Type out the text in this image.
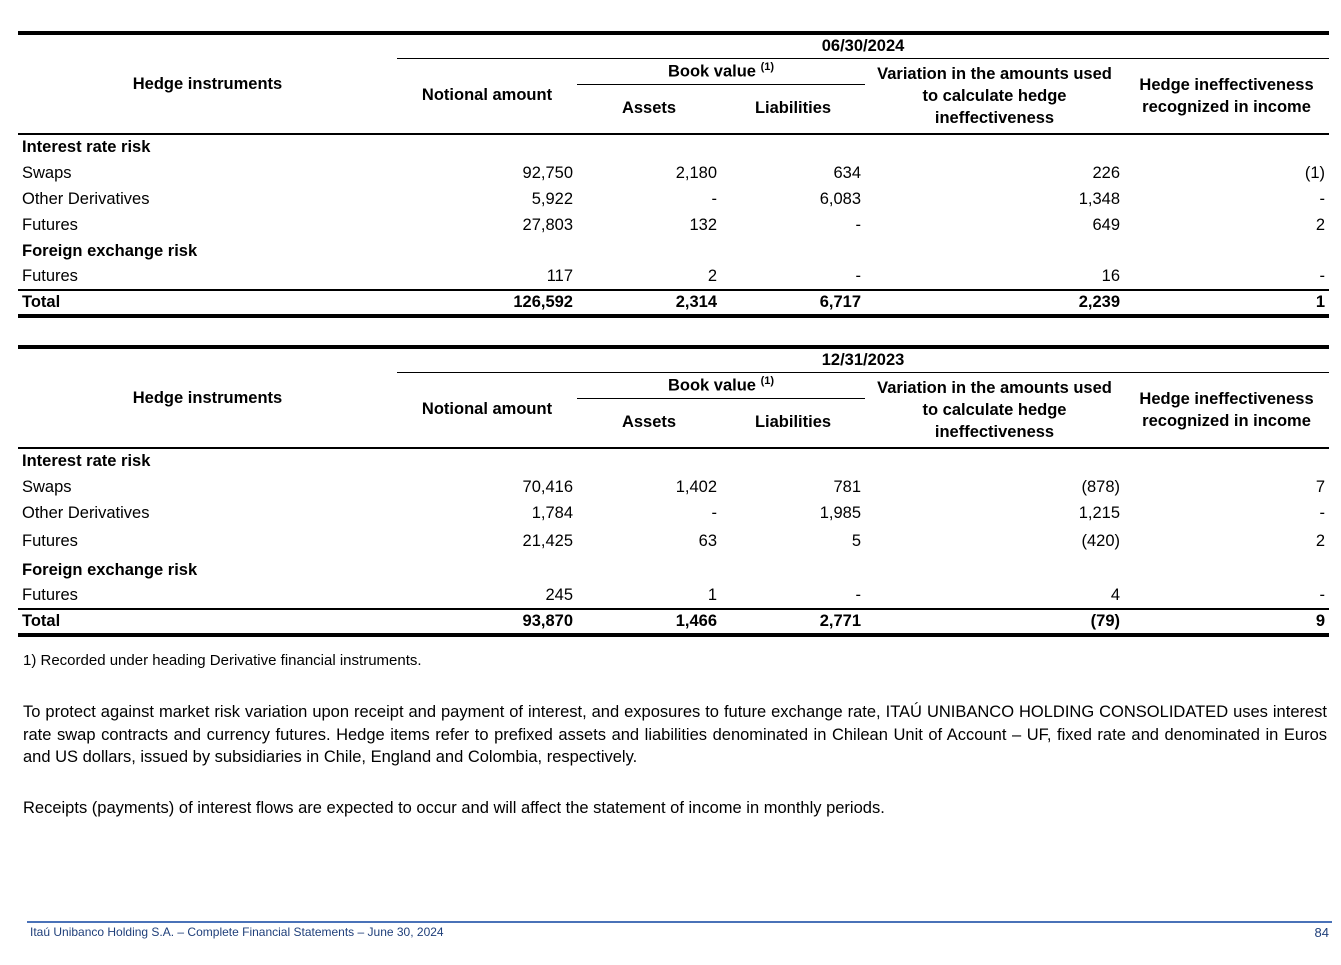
Hedge instruments	06/30/2024				
	Notional amount	Book value $^{(1)}$		Variation in the amounts used to calculate hedge ineffectiveness	Hedge ineffectiveness recognized in income
		Assets	Liabilities		
Interest rate risk					
Swaps	92,750	2,180	634	226	(1)
Other Derivatives	5,922	-	6,083	1,348	-
Futures	27,803	132	-	649	2
Foreign exchange risk					
Futures	117	2	-	16	-
Total	126,592	2,314	6,717	2,239	1
Hedge instruments	12/31/2023				
	Notional amount	Book value $^{(1)}$		Variation in the amounts used to calculate hedge ineffectiveness	Hedge ineffectiveness recognized in income
		Assets	Liabilities		
Interest rate risk					
Swaps	70,416	1,402	781	(878)	7
Other Derivatives	1,784	-	1,985	1,215	-
Futures	21,425	63	5	(420)	2
Foreign exchange risk					
Futures	245	1	-	4	-
Total	93,870	1,466	2,771	(79)	9
1) Recorded under heading Derivative financial instruments.
To protect against market risk variation upon receipt and payment of interest, and exposures to future exchange rate, ITAÚ UNIBANCO HOLDING CONSOLIDATED uses interest rate swap contracts and currency futures. Hedge items refer to prefixed assets and liabilities denominated in Chilean Unit of Account – UF, fixed rate and denominated in Euros and US dollars, issued by subsidiaries in Chile, England and Colombia, respectively.
Receipts (payments) of interest flows are expected to occur and will affect the statement of income in monthly periods.
Itaú Unibanco Holding S.A. – Complete Financial Statements – June 30, 2024	84
